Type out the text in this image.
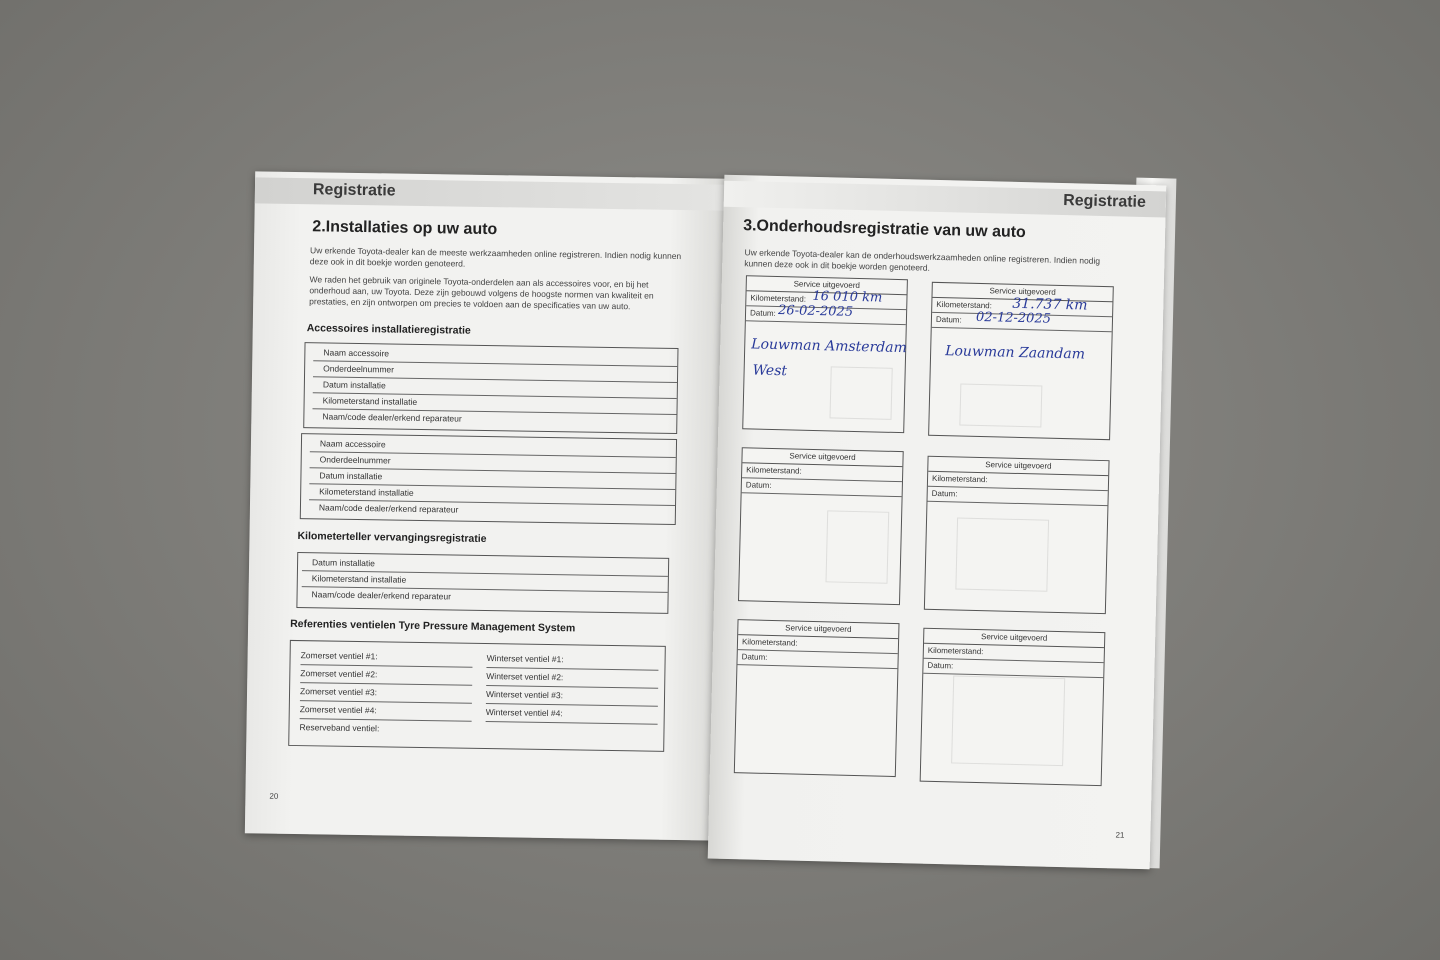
Registratie
2.Installaties op uw auto
Uw erkende Toyota-dealer kan de meeste werkzaamheden online registreren. Indien nodig kunnen deze ook in dit boekje worden genoteerd.
We raden het gebruik van originele Toyota-onderdelen aan als accessoires voor, en bij het onderhoud aan, uw Toyota. Deze zijn gebouwd volgens de hoogste normen van kwaliteit en prestaties, en zijn ontworpen om precies te voldoen aan de specificaties van uw auto.
Accessoires installatieregistratie
Naam accessoire
Onderdeelnummer
Datum installatie
Kilometerstand installatie
Naam/code dealer/erkend reparateur
Naam accessoire
Onderdeelnummer
Datum installatie
Kilometerstand installatie
Naam/code dealer/erkend reparateur
Kilometerteller vervangingsregistratie
Datum installatie
Kilometerstand installatie
Naam/code dealer/erkend reparateur
Referenties ventielen Tyre Pressure Management System
Zomerset ventiel #1:
Zomerset ventiel #2:
Zomerset ventiel #3:
Zomerset ventiel #4:
Reserveband ventiel:
Winterset ventiel #1:
Winterset ventiel #2:
Winterset ventiel #3:
Winterset ventiel #4:
20
Registratie
3.Onderhoudsregistratie van uw auto
Uw erkende Toyota-dealer kan de onderhoudswerkzaamheden online registreren. Indien nodig kunnen deze ook in dit boekje worden genoteerd.
Service uitgevoerd
Kilometerstand: 16 010 km
Datum: 26-02-2025
Louwman Amsterdam
West
Service uitgevoerd
Kilometerstand: 31.737 km
Datum: 02-12-2025
Louwman Zaandam
Service uitgevoerd
Kilometerstand:
Datum:
Service uitgevoerd
Kilometerstand:
Datum:
Service uitgevoerd
Kilometerstand:
Datum:
Service uitgevoerd
Kilometerstand:
Datum:
21
